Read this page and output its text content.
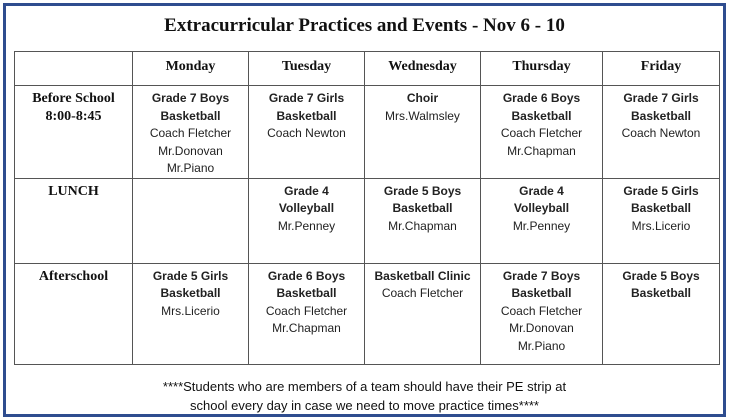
Extracurricular Practices and Events - Nov 6 - 10
	Monday	Tuesday	Wednesday	Thursday	Friday

Before School
8:00-8:45	Grade 7 Boys
Basketball
Coach Fletcher
Mr.Donovan
Mr.Piano	Grade 7 Girls
Basketball
Coach Newton	Choir
Mrs.Walmsley	Grade 6 Boys
Basketball
Coach Fletcher
Mr.Chapman	Grade 7 Girls
Basketball
Coach Newton

LUNCH		Grade 4
Volleyball
Mr.Penney	Grade 5 Boys
Basketball
Mr.Chapman	Grade 4
Volleyball
Mr.Penney	Grade 5 Girls
Basketball
Mrs.Licerio

Afterschool	Grade 5 Girls
Basketball
Mrs.Licerio	Grade 6 Boys
Basketball
Coach Fletcher
Mr.Chapman	Basketball Clinic
Coach Fletcher	Grade 7 Boys
Basketball
Coach Fletcher
Mr.Donovan
Mr.Piano	Grade 5 Boys
Basketball
****Students who are members of a team should have their PE strip at
school every day in case we need to move practice times****
